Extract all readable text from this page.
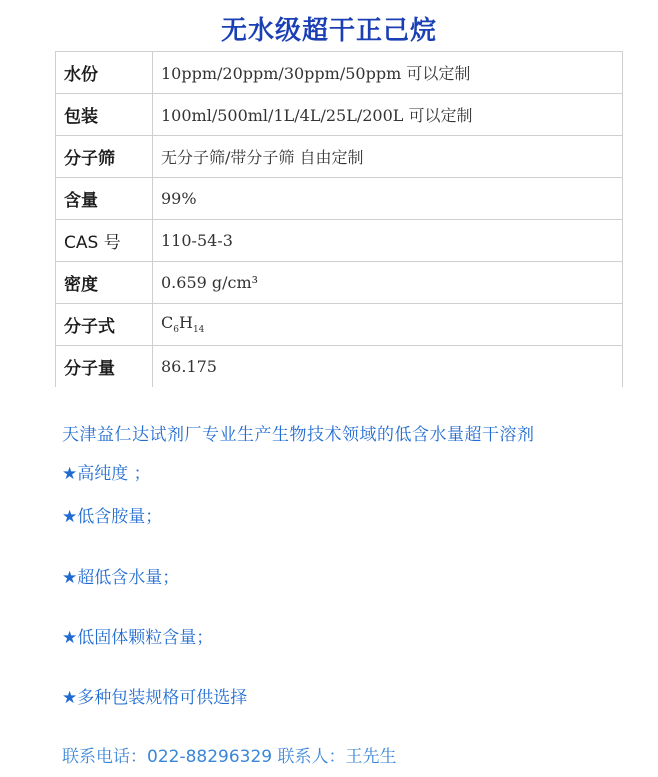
无水级超干正己烷
水份	10ppm/20ppm/30ppm/50ppm 可以定制
包装	100ml/500ml/1L/4L/25L/200L 可以定制
分子筛	无分子筛/带分子筛 自由定制
含量	99%
CAS 号	110-54-3
密度	0.659 g/cm³
分子式	$C_6H_{14}$
分子量	86.175
天津益仁达试剂厂专业生产生物技术领域的低含水量超干溶剂
★高纯度 ；
★低含胺量；
★超低含水量；
★低固体颗粒含量；
★多种包装规格可供选择
联系电话：022-88296329 联系人：王先生
